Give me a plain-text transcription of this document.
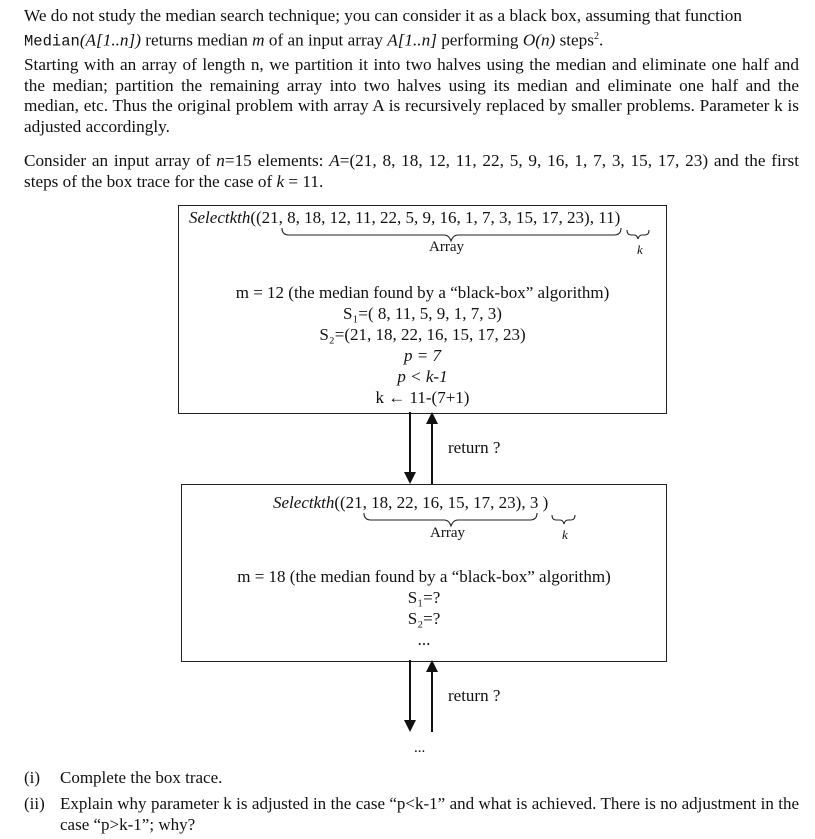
We do not study the median search technique; you can consider it as a black box, assuming that function
Median(A[1..n]) returns median m of an input array A[1..n] performing O(n) steps$^2$.
Starting with an array of length n, we partition it into two halves using the median and eliminate one half and the median; partition the remaining array into two halves using its median and eliminate one half and the median, etc. Thus the original problem with array A is recursively replaced by smaller problems. Parameter k is adjusted accordingly.
Consider an input array of n=15 elements: A=(21, 8, 18, 12, 11, 22, 5, 9, 16, 1, 7, 3, 15, 17, 23) and the first steps of the box trace for the case of k = 11.
Selectkth((21, 8, 18, 12, 11, 22, 5, 9, 16, 1, 7, 3, 15, 17, 23), 11)
Array	k
m = 12 (the median found by a “black-box” algorithm)
S₁=( 8, 11, 5, 9, 1, 7, 3)
S₂=(21, 18, 22, 16, 15, 17, 23)
p = 7
p < k-1
k ← 11-(7+1)
return ?
Selectkth((21, 18, 22, 16, 15, 17, 23), 3 )
Array	k
m = 18 (the median found by a “black-box” algorithm)
S₁=?
S₂=?
...
return ?
...
(i) Complete the box trace.
(ii) Explain why parameter k is adjusted in the case “p<k-1” and what is achieved. There is no adjustment in the case “p>k-1”; why?
